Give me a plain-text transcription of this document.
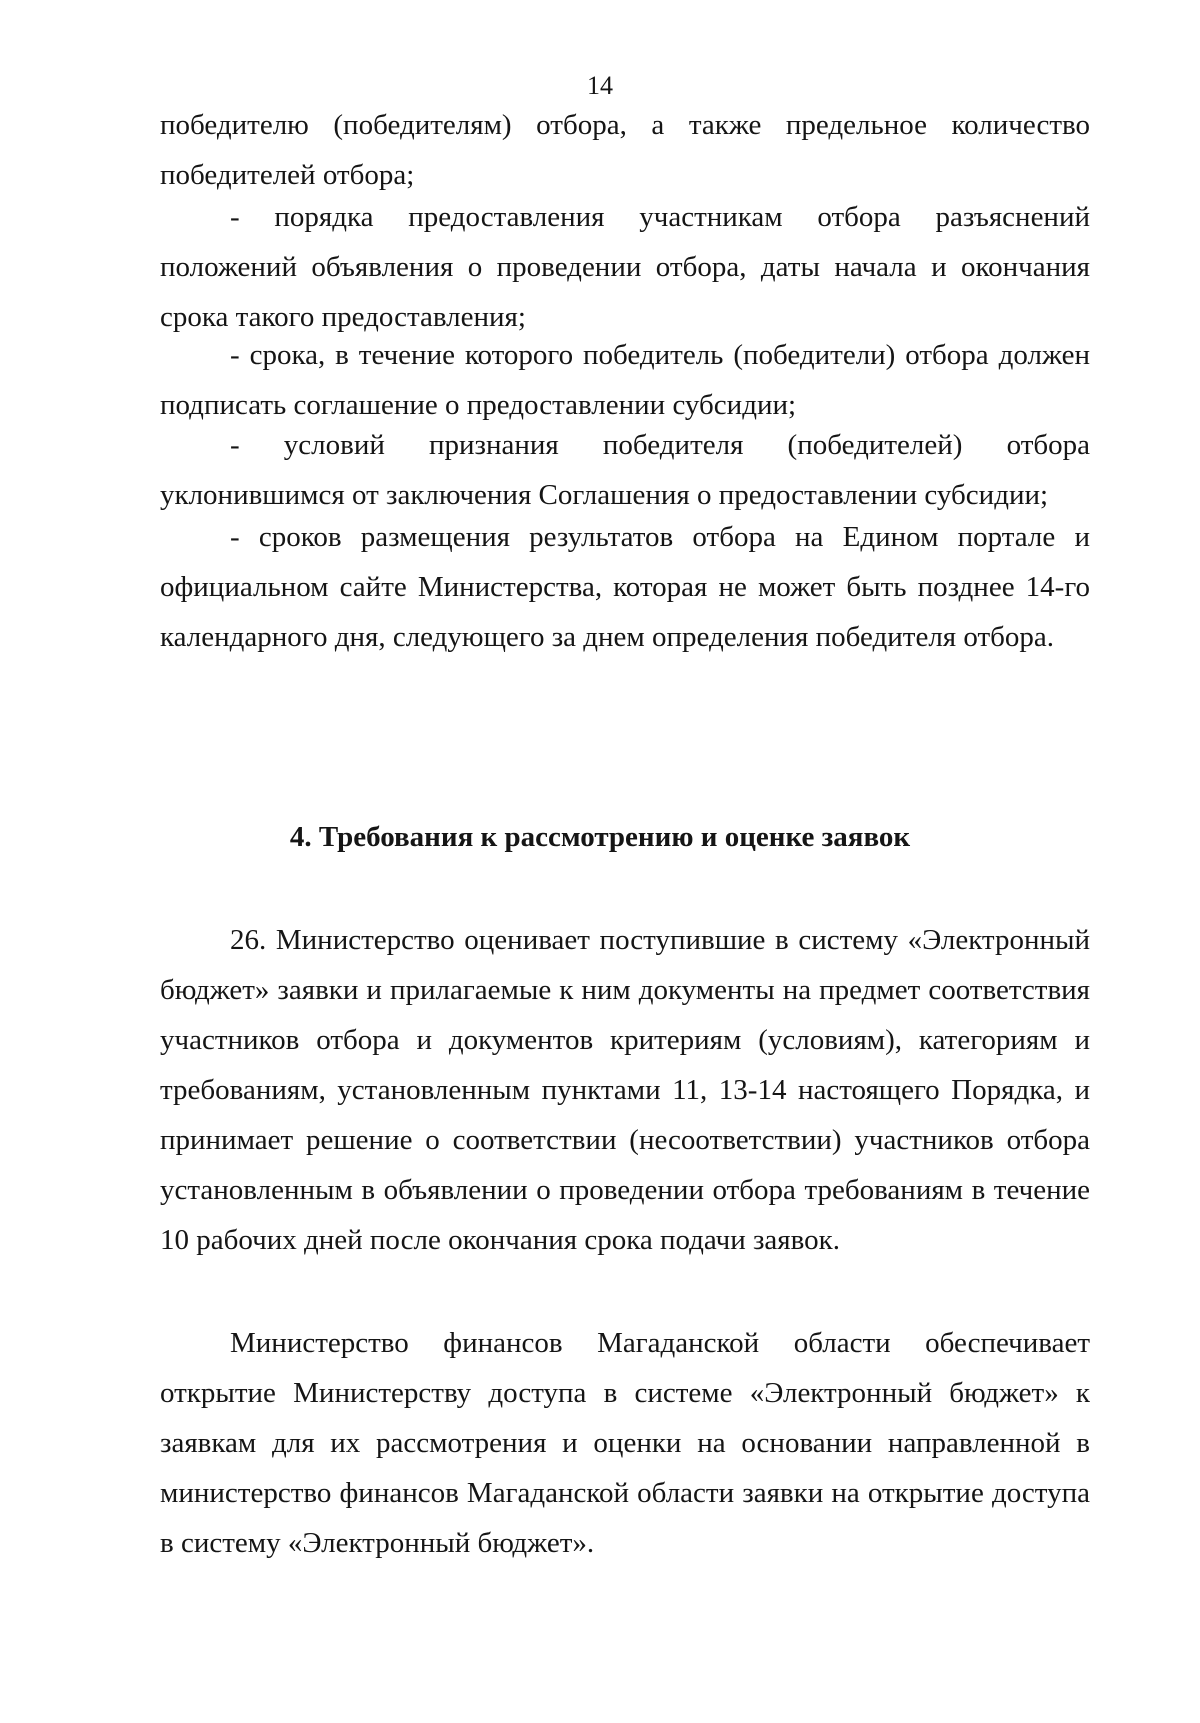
14

победителю (победителям) отбора, а также предельное количество победителей отбора;

- порядка предоставления участникам отбора разъяснений положений объявления о проведении отбора, даты начала и окончания срока такого предоставления;

- срока, в течение которого победитель (победители) отбора должен подписать соглашение о предоставлении субсидии;

- условий признания победителя (победителей) отбора уклонившимся от заключения Соглашения о предоставлении субсидии;

- сроков размещения результатов отбора на Едином портале и официальном сайте Министерства, которая не может быть позднее 14-го календарного дня, следующего за днем определения победителя отбора.

4. Требования к рассмотрению и оценке заявок

26. Министерство оценивает поступившие в систему «Электронный бюджет» заявки и прилагаемые к ним документы на предмет соответствия участников отбора и документов критериям (условиям), категориям и требованиям, установленным пунктами 11, 13-14 настоящего Порядка, и принимает решение о соответствии (несоответствии) участников отбора установленным в объявлении о проведении отбора требованиям в течение 10 рабочих дней после окончания срока подачи заявок.

Министерство финансов Магаданской области обеспечивает открытие Министерству доступа в системе «Электронный бюджет» к заявкам для их рассмотрения и оценки на основании направленной в министерство финансов Магаданской области заявки на открытие доступа в систему «Электронный бюджет».
